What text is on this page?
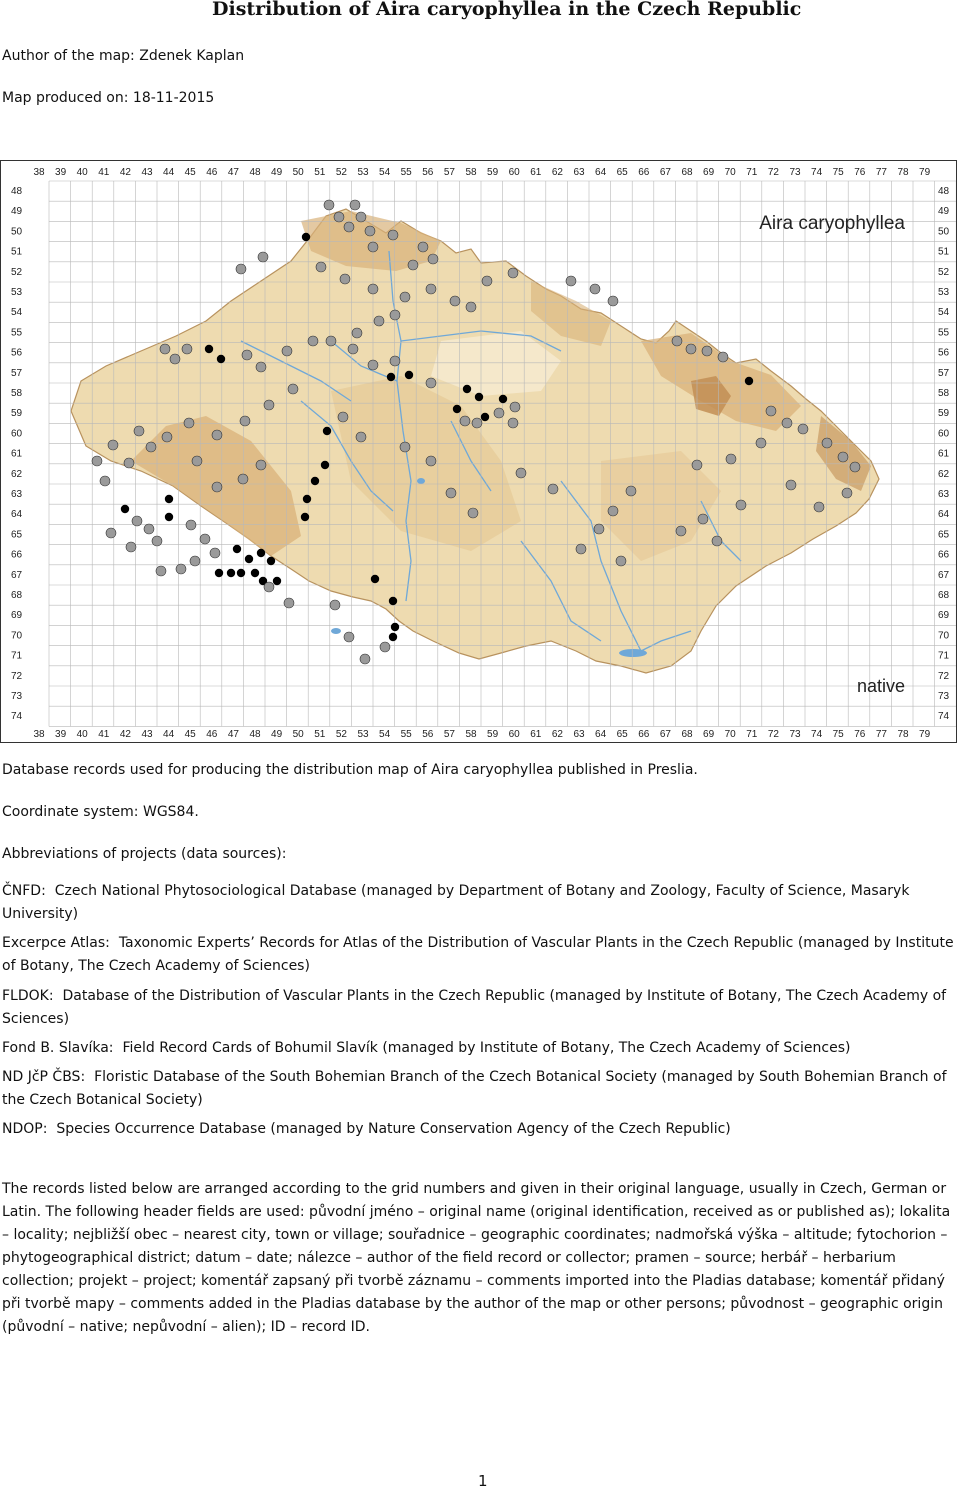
Distribution of Aira caryophyllea in the Czech Republic
Author of the map: Zdenek Kaplan
Map produced on: 18-11-2015
38 39 40 41 42 43 44 45 46 47 48 49 50 51 52 53 54 55 56 57 58 59 60 61 62 63 64 65 66 67 68 69 70 71 72 73 74 75 76 77 78 79
38 39 40 41 42 43 44 45 46 47 48 49 50 51 52 53 54 55 56 57 58 59 60 61 62 63 64 65 66 67 68 69 70 71 72 73 74 75 76 77 78 79
48
49
50
51
52
53
54
55
56
57
58
59
60
61
62
63
64
65
66
67
68
69
70
71
72
73
74
48
49
50
51
52
53
54
55
56
57
58
59
60
61
62
63
64
65
66
67
68
69
70
71
72
73
74
Aira caryophyllea
native
Database records used for producing the distribution map of Aira caryophyllea published in Preslia.
Coordinate system: WGS84.
Abbreviations of projects (data sources):
ČNFD: Czech National Phytosociological Database (managed by Department of Botany and Zoology, Faculty of Science, Masaryk University)
Excerpce Atlas: Taxonomic Experts’ Records for Atlas of the Distribution of Vascular Plants in the Czech Republic (managed by Institute of Botany, The Czech Academy of Sciences)
FLDOK: Database of the Distribution of Vascular Plants in the Czech Republic (managed by Institute of Botany, The Czech Academy of Sciences)
Fond B. Slavíka: Field Record Cards of Bohumil Slavík (managed by Institute of Botany, The Czech Academy of Sciences)
ND JčP ČBS: Floristic Database of the South Bohemian Branch of the Czech Botanical Society (managed by South Bohemian Branch of the Czech Botanical Society)
NDOP: Species Occurrence Database (managed by Nature Conservation Agency of the Czech Republic)
The records listed below are arranged according to the grid numbers and given in their original language, usually in Czech, German or Latin. The following header fields are used: původní jméno – original name (original identification, received as or published as); lokalita – locality; nejbližší obec – nearest city, town or village; souřadnice – geographic coordinates; nadmořská výška – altitude; fytochorion – phytogeographical district; datum – date; nálezce – author of the field record or collector; pramen – source; herbář – herbarium collection; projekt – project; komentář zapsaný při tvorbě záznamu – comments imported into the Pladias database; komentář přidaný při tvorbě mapy – comments added in the Pladias database by the author of the map or other persons; původnost – geographic origin (původní – native; nepůvodní – alien); ID – record ID.
1
